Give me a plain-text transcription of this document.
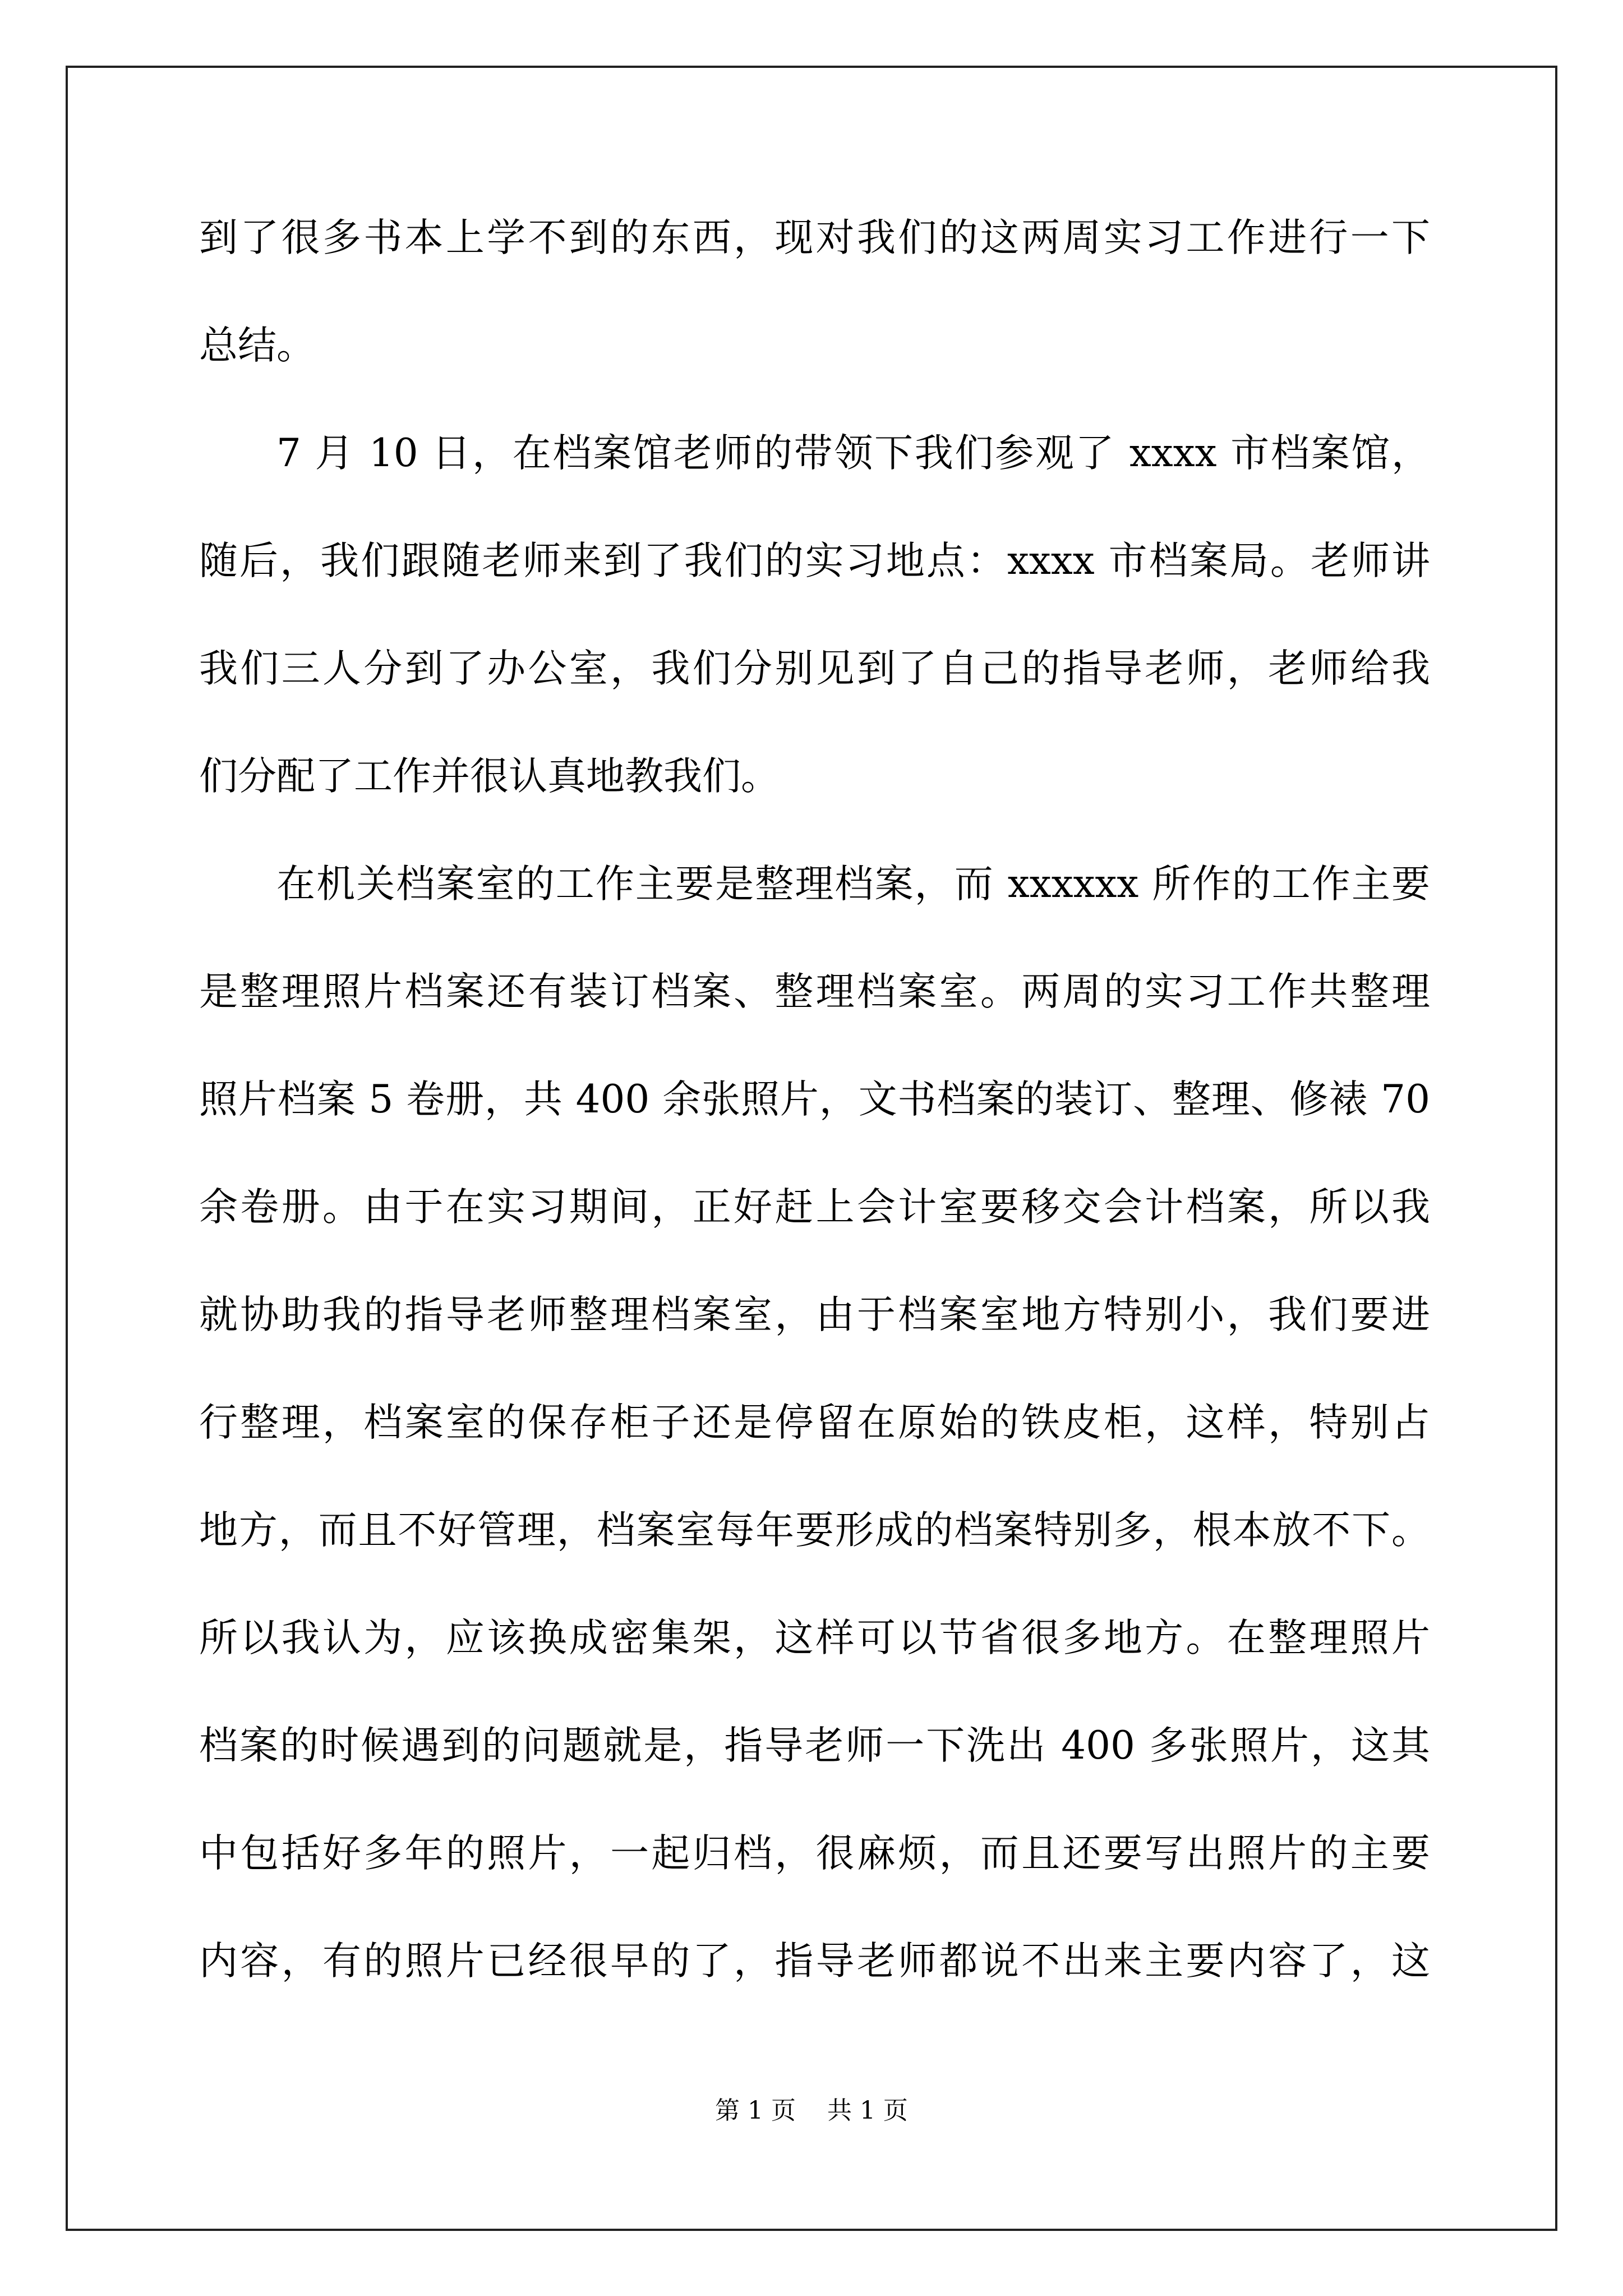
到了很多书本上学不到的东西，现对我们的这两周实习工作进行一下
总结。
7 月 10 日，在档案馆老师的带领下我们参观了 xxxx 市档案馆，
随后，我们跟随老师来到了我们的实习地点：xxxx 市档案局。老师讲
我们三人分到了办公室，我们分别见到了自己的指导老师，老师给我
们分配了工作并很认真地教我们。
在机关档案室的工作主要是整理档案，而 xxxxxx 所作的工作主要
是整理照片档案还有装订档案、整理档案室。两周的实习工作共整理
照片档案 5 卷册，共 400 余张照片，文书档案的装订、整理、修裱 70
余卷册。由于在实习期间，正好赶上会计室要移交会计档案，所以我
就协助我的指导老师整理档案室，由于档案室地方特别小，我们要进
行整理，档案室的保存柜子还是停留在原始的铁皮柜，这样，特别占
地方，而且不好管理，档案室每年要形成的档案特别多，根本放不下。
所以我认为，应该换成密集架，这样可以节省很多地方。在整理照片
档案的时候遇到的问题就是，指导老师一下洗出 400 多张照片，这其
中包括好多年的照片，一起归档，很麻烦，而且还要写出照片的主要
内容，有的照片已经很早的了，指导老师都说不出来主要内容了，这
第 1 页    共 1 页
